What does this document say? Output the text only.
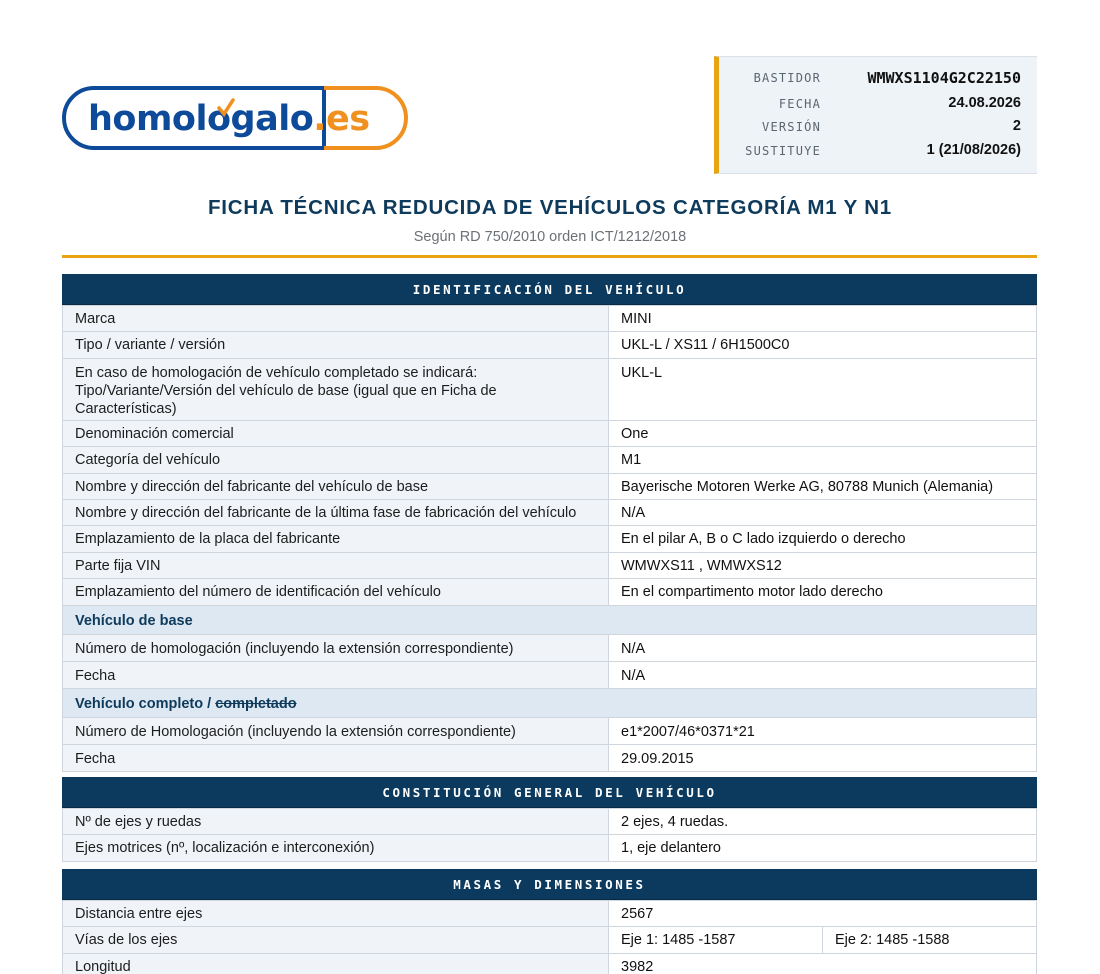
homologalo.es
BASTIDOR	WMWXS1104G2C22150
FECHA	24.08.2026
VERSIÓN	2
SUSTITUYE	1 (21/08/2026)
FICHA TÉCNICA REDUCIDA DE VEHÍCULOS CATEGORÍA M1 Y N1
Según RD 750/2010 orden ICT/1212/2018
IDENTIFICACIÓN DEL VEHÍCULO
Marca	MINI
Tipo / variante / versión	UKL-L / XS11 / 6H1500C0
En caso de homologación de vehículo completado se indicará: Tipo/Variante/Versión del vehículo de base (igual que en Ficha de Características)	UKL-L
Denominación comercial	One
Categoría del vehículo	M1
Nombre y dirección del fabricante del vehículo de base	Bayerische Motoren Werke AG, 80788 Munich (Alemania)
Nombre y dirección del fabricante de la última fase de fabricación del vehículo	N/A
Emplazamiento de la placa del fabricante	En el pilar A, B o C lado izquierdo o derecho
Parte fija VIN	WMWXS11 , WMWXS12
Emplazamiento del número de identificación del vehículo	En el compartimento motor lado derecho
Vehículo de base	
Número de homologación (incluyendo la extensión correspondiente)	N/A
Fecha	N/A
Vehículo completo / completado	
Número de Homologación (incluyendo la extensión correspondiente)	e1*2007/46*0371*21
Fecha	29.09.2015
CONSTITUCIÓN GENERAL DEL VEHÍCULO
Nº de ejes y ruedas	2 ejes, 4 ruedas.
Ejes motrices (nº, localización e interconexión)	1, eje delantero
MASAS Y DIMENSIONES
Distancia entre ejes	2567	
Vías de los ejes	Eje 1: 1485 -1587	Eje 2: 1485 -1588
Longitud	3982	
